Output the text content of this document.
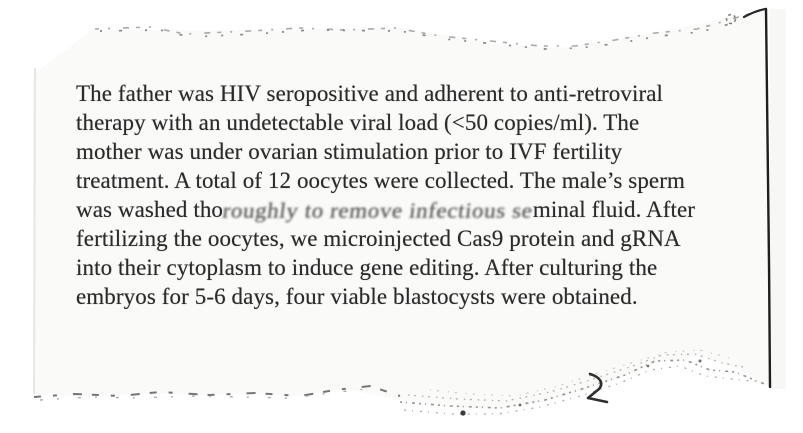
The father was HIV seropositive and adherent to anti-retroviral
therapy with an undetectable viral load (<50 copies/ml). The
mother was under ovarian stimulation prior to IVF fertility
treatment. A total of 12 oocytes were collected. The male’s sperm
was washed thoroughly to remove infectious seminal fluid. After
fertilizing the oocytes, we microinjected Cas9 protein and gRNA
into their cytoplasm to induce gene editing. After culturing the
embryos for 5-6 days, four viable blastocysts were obtained.
